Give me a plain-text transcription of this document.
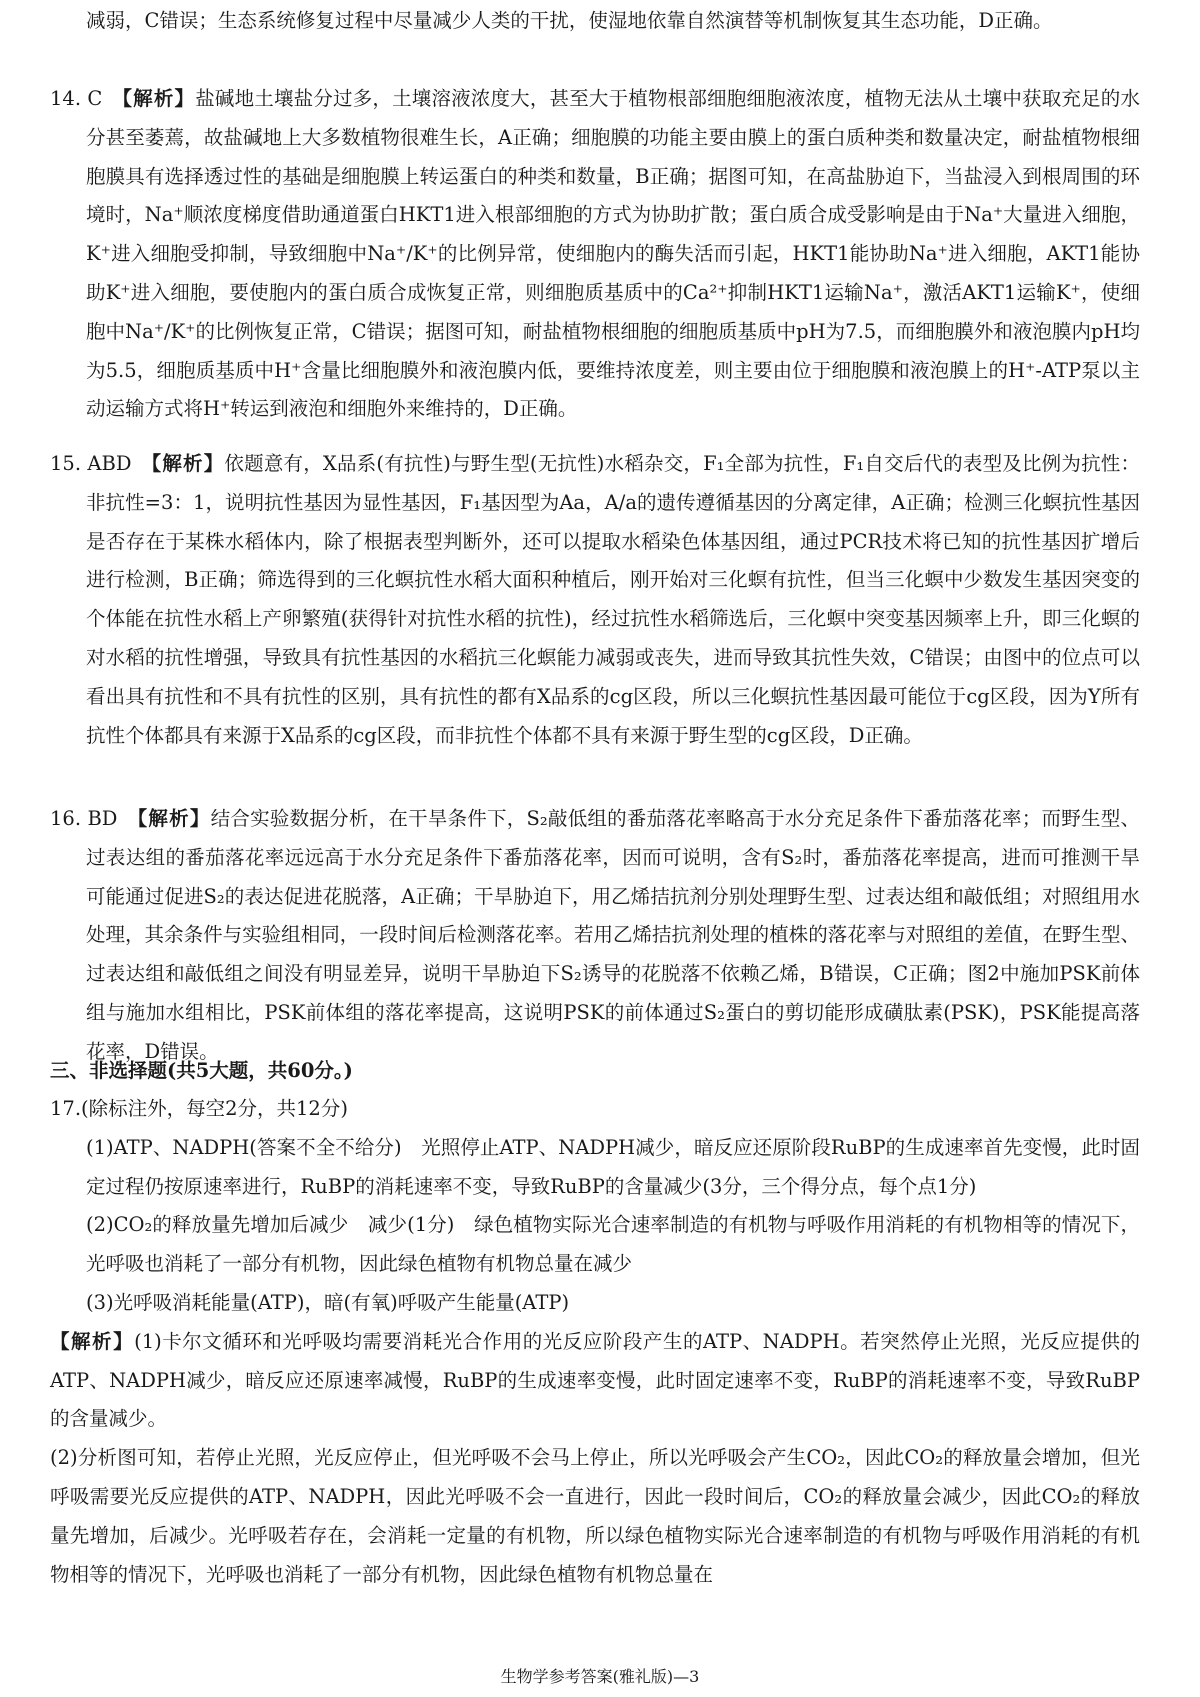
减弱，C错误；生态系统修复过程中尽量减少人类的干扰，使湿地依靠自然演替等机制恢复其生态功能，D正确。

14. C　 【解析】盐碱地土壤盐分过多，土壤溶液浓度大，甚至大于植物根部细胞细胞液浓度，植物无法从土壤中获取充足的水分甚至萎蔫，故盐碱地上大多数植物很难生长，A正确；细胞膜的功能主要由膜上的蛋白质种类和数量决定，耐盐植物根细胞膜具有选择透过性的基础是细胞膜上转运蛋白的种类和数量，B正确；据图可知，在高盐胁迫下，当盐浸入到根周围的环境时，Na⁺顺浓度梯度借助通道蛋白HKT1进入根部细胞的方式为协助扩散；蛋白质合成受影响是由于Na⁺大量进入细胞，K⁺进入细胞受抑制，导致细胞中Na⁺/K⁺的比例异常，使细胞内的酶失活而引起，HKT1能协助Na⁺进入细胞，AKT1能协助K⁺进入细胞，要使胞内的蛋白质合成恢复正常，则细胞质基质中的Ca²⁺抑制HKT1运输Na⁺，激活AKT1运输K⁺，使细胞中Na⁺/K⁺的比例恢复正常，C错误；据图可知，耐盐植物根细胞的细胞质基质中pH为7.5，而细胞膜外和液泡膜内pH均为5.5，细胞质基质中H⁺含量比细胞膜外和液泡膜内低，要维持浓度差，则主要由位于细胞膜和液泡膜上的H⁺-ATP泵以主动运输方式将H⁺转运到液泡和细胞外来维持的，D正确。

15. ABD　 【解析】依题意有，X品系(有抗性)与野生型(无抗性)水稻杂交，F₁全部为抗性，F₁自交后代的表型及比例为抗性：非抗性=3：1，说明抗性基因为显性基因，F₁基因型为Aa，A/a的遗传遵循基因的分离定律，A正确；检测三化螟抗性基因是否存在于某株水稻体内，除了根据表型判断外，还可以提取水稻染色体基因组，通过PCR技术将已知的抗性基因扩增后进行检测，B正确；筛选得到的三化螟抗性水稻大面积种植后，刚开始对三化螟有抗性，但当三化螟中少数发生基因突变的个体能在抗性水稻上产卵繁殖(获得针对抗性水稻的抗性)，经过抗性水稻筛选后，三化螟中突变基因频率上升，即三化螟的对水稻的抗性增强，导致具有抗性基因的水稻抗三化螟能力减弱或丧失，进而导致其抗性失效，C错误；由图中的位点可以看出具有抗性和不具有抗性的区别，具有抗性的都有X品系的cg区段，所以三化螟抗性基因最可能位于cg区段，因为Y所有抗性个体都具有来源于X品系的cg区段，而非抗性个体都不具有来源于野生型的cg区段，D正确。

16. BD　 【解析】结合实验数据分析，在干旱条件下，S₂敲低组的番茄落花率略高于水分充足条件下番茄落花率；而野生型、过表达组的番茄落花率远远高于水分充足条件下番茄落花率，因而可说明，含有S₂时，番茄落花率提高，进而可推测干旱可能通过促进S₂的表达促进花脱落，A正确；干旱胁迫下，用乙烯拮抗剂分别处理野生型、过表达组和敲低组；对照组用水处理，其余条件与实验组相同，一段时间后检测落花率。若用乙烯拮抗剂处理的植株的落花率与对照组的差值，在野生型、过表达组和敲低组之间没有明显差异，说明干旱胁迫下S₂诱导的花脱落不依赖乙烯，B错误，C正确；图2中施加PSK前体组与施加水组相比，PSK前体组的落花率提高，这说明PSK的前体通过S₂蛋白的剪切能形成磺肽素(PSK)，PSK能提高落花率，D错误。

三、非选择题(共5大题，共60分。)

17.(除标注外，每空2分，共12分)

(1)ATP、NADPH(答案不全不给分)　光照停止ATP、NADPH减少，暗反应还原阶段RuBP的生成速率首先变慢，此时固定过程仍按原速率进行，RuBP的消耗速率不变，导致RuBP的含量减少(3分，三个得分点，每个点1分)

(2)CO₂的释放量先增加后减少　减少(1分)　绿色植物实际光合速率制造的有机物与呼吸作用消耗的有机物相等的情况下，光呼吸也消耗了一部分有机物，因此绿色植物有机物总量在减少

(3)光呼吸消耗能量(ATP)，暗(有氧)呼吸产生能量(ATP)

【解析】(1)卡尔文循环和光呼吸均需要消耗光合作用的光反应阶段产生的ATP、NADPH。若突然停止光照，光反应提供的ATP、NADPH减少，暗反应还原速率减慢，RuBP的生成速率变慢，此时固定速率不变，RuBP的消耗速率不变，导致RuBP的含量减少。

(2)分析图可知，若停止光照，光反应停止，但光呼吸不会马上停止，所以光呼吸会产生CO₂，因此CO₂的释放量会增加，但光呼吸需要光反应提供的ATP、NADPH，因此光呼吸不会一直进行，因此一段时间后，CO₂的释放量会减少，因此CO₂的释放量先增加，后减少。光呼吸若存在，会消耗一定量的有机物，所以绿色植物实际光合速率制造的有机物与呼吸作用消耗的有机物相等的情况下，光呼吸也消耗了一部分有机物，因此绿色植物有机物总量在

生物学参考答案(雅礼版)—3
